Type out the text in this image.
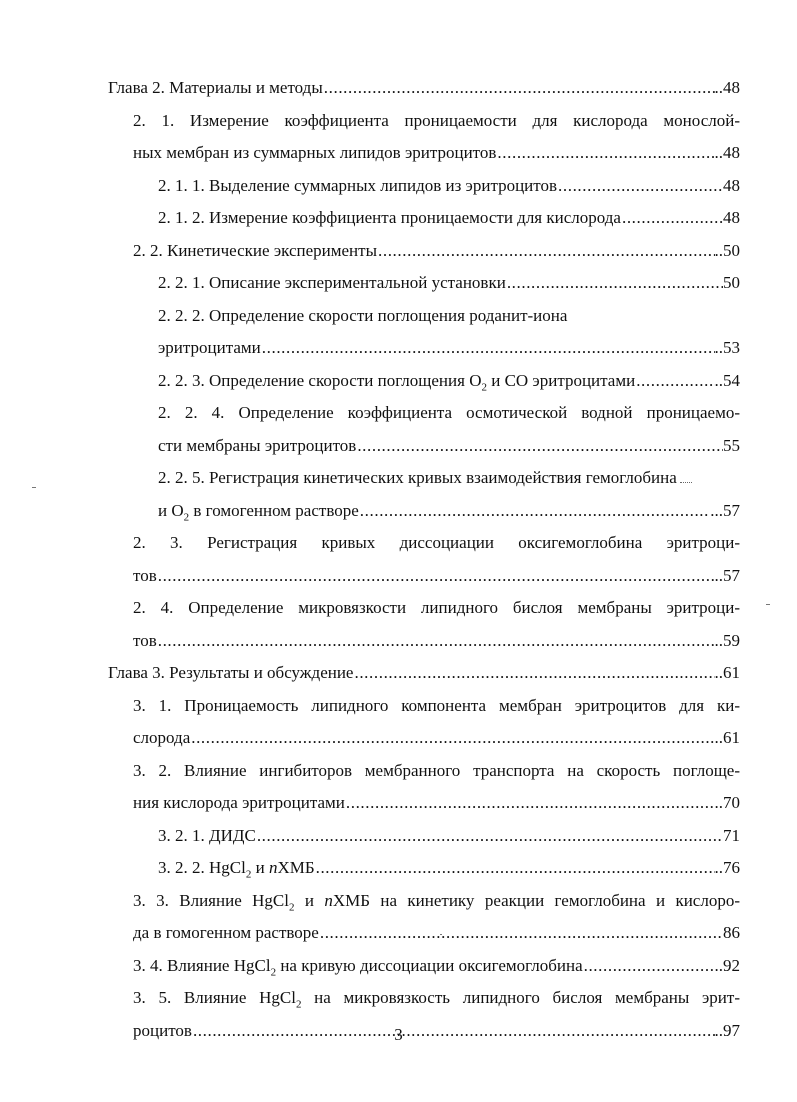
Глава 2. Материалы и методы .....	..48
2. 1. Измерение коэффициента проницаемости для кислорода монослой-
ных мембран из суммарных липидов эритроцитов .....	..48
2. 1. 1. Выделение суммарных липидов из эритроцитов .....	48
2. 1. 2. Измерение коэффициента проницаемости для кислорода .....	48
2. 2. Кинетические эксперименты .....	..50
2. 2. 1. Описание экспериментальной установки .....	50
2. 2. 2. Определение скорости поглощения роданит-иона
эритроцитами .....	..53
2. 2. 3. Определение скорости поглощения $O_2$ и CO эритроцитами .....	..54
2. 2. 4. Определение коэффициента осмотической водной проницаемо-
сти мембраны эритроцитов .....	55
2. 2. 5. Регистрация кинетических кривых взаимодействия гемоглобина
и $O_2$ в гомогенном растворе .....	...57
2. 3. Регистрация кривых диссоциации оксигемоглобина эритроци-
тов .....	..57
2. 4. Определение микровязкости липидного бислоя мембраны эритроци-
тов .....	..59
Глава 3. Результаты и обсуждение .....	..61
3. 1. Проницаемость липидного компонента мембран эритроцитов для ки-
слорода .....	..61
3. 2. Влияние ингибиторов мембранного транспорта на скорость поглоще-
ния кислорода эритроцитами .....	..70
3. 2. 1. ДИДС .....	71
3. 2. 2. HgCl$_2$ и nХМБ .....	..76
3. 3. Влияние HgCl$_2$ и nХМБ на кинетику реакции гемоглобина и кислоро-
да в гомогенном растворе .....	86
3. 4. Влияние HgCl$_2$ на кривую диссоциации оксигемоглобина .....	..92
3. 5. Влияние HgCl$_2$ на микровязкость липидного бислоя мембраны эрит-
роцитов .....	..97
3
